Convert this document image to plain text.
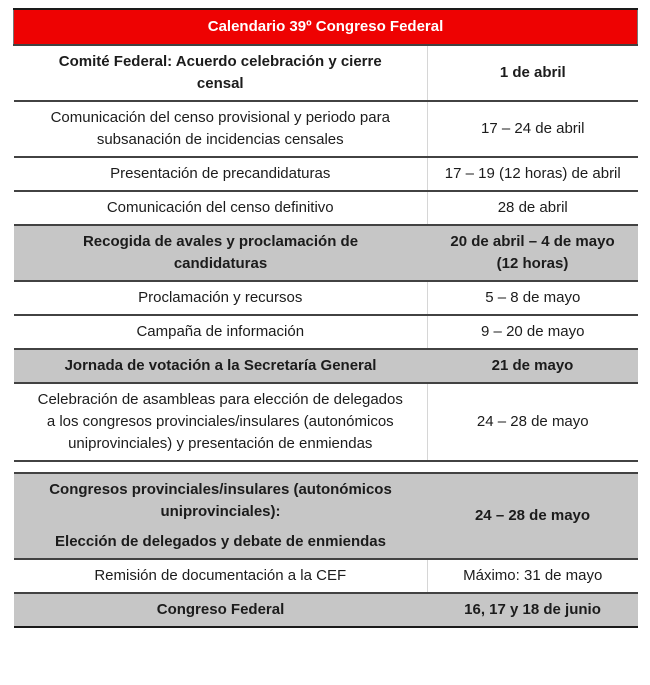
Calendario 39º Congreso Federal	
Comité Federal: Acuerdo celebración y cierre censal	1 de abril
Comunicación del censo provisional y periodo para subsanación de incidencias censales	17 – 24 de abril
Presentación de precandidaturas	17 – 19 (12 horas) de abril
Comunicación del censo definitivo	28 de abril
Recogida de avales y proclamación de candidaturas	20 de abril – 4 de mayo (12 horas)
Proclamación y recursos	5 – 8 de mayo
Campaña de información	9 – 20 de mayo
Jornada de votación a la Secretaría General	21 de mayo
Celebración de asambleas para elección de delegados a los congresos provinciales/insulares (autonómicos uniprovinciales) y presentación de enmiendas	24 – 28 de mayo

Congresos provinciales/insulares (autonómicos uniprovinciales):
Elección de delegados y debate de enmiendas	24 – 28 de mayo
Remisión de documentación a la CEF	Máximo: 31 de mayo
Congreso Federal	16, 17 y 18 de junio
